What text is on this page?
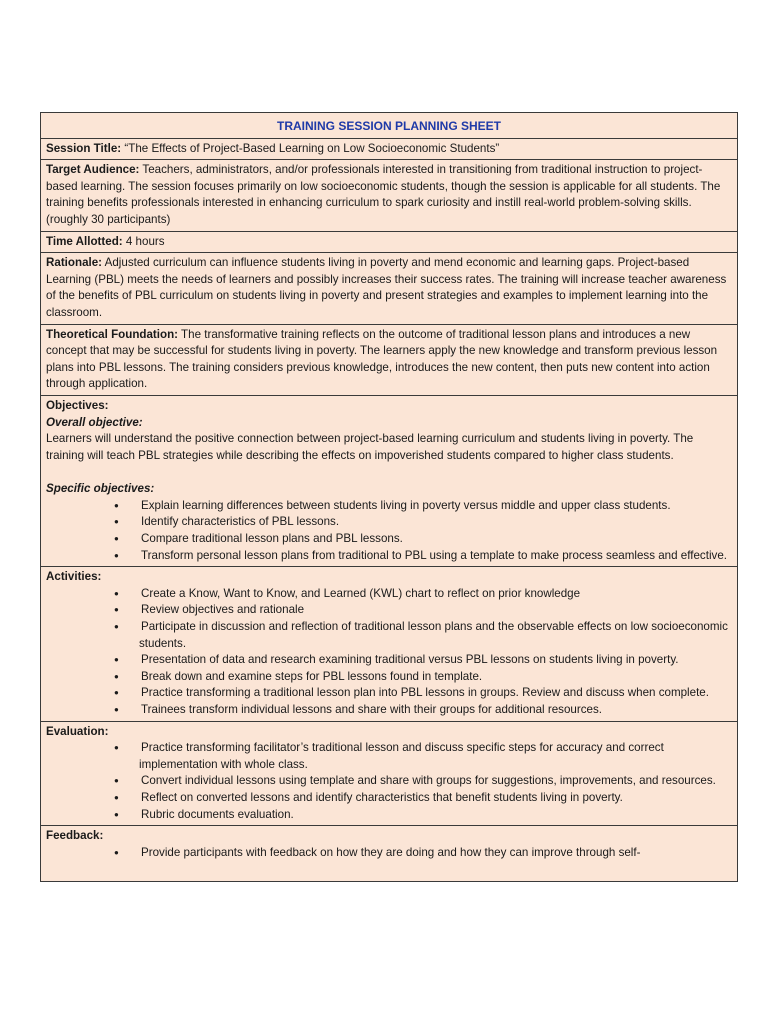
TRAINING SESSION PLANNING SHEET
Session Title: “The Effects of Project-Based Learning on Low Socioeconomic Students”
Target Audience: Teachers, administrators, and/or professionals interested in transitioning from traditional instruction to project-based learning. The session focuses primarily on low socioeconomic students, though the session is applicable for all students. The training benefits professionals interested in enhancing curriculum to spark curiosity and instill real-world problem-solving skills. (roughly 30 participants)
Time Allotted: 4 hours
Rationale: Adjusted curriculum can influence students living in poverty and mend economic and learning gaps. Project-based Learning (PBL) meets the needs of learners and possibly increases their success rates. The training will increase teacher awareness of the benefits of PBL curriculum on students living in poverty and present strategies and examples to implement learning into the classroom.
Theoretical Foundation: The transformative training reflects on the outcome of traditional lesson plans and introduces a new concept that may be successful for students living in poverty. The learners apply the new knowledge and transform previous lesson plans into PBL lessons. The training considers previous knowledge, introduces the new content, then puts new content into action through application.
Objectives:
Overall objective:
Learners will understand the positive connection between project-based learning curriculum and students living in poverty. The training will teach PBL strategies while describing the effects on impoverished students compared to higher class students.
Specific objectives:
● Explain learning differences between students living in poverty versus middle and upper class students.
● Identify characteristics of PBL lessons.
● Compare traditional lesson plans and PBL lessons.
● Transform personal lesson plans from traditional to PBL using a template to make process seamless and effective.
Activities:
● Create a Know, Want to Know, and Learned (KWL) chart to reflect on prior knowledge
● Review objectives and rationale
● Participate in discussion and reflection of traditional lesson plans and the observable effects on low socioeconomic students.
● Presentation of data and research examining traditional versus PBL lessons on students living in poverty.
● Break down and examine steps for PBL lessons found in template.
● Practice transforming a traditional lesson plan into PBL lessons in groups. Review and discuss when complete.
● Trainees transform individual lessons and share with their groups for additional resources.
Evaluation:
● Practice transforming facilitator’s traditional lesson and discuss specific steps for accuracy and correct implementation with whole class.
● Convert individual lessons using template and share with groups for suggestions, improvements, and resources.
● Reflect on converted lessons and identify characteristics that benefit students living in poverty.
● Rubric documents evaluation.
Feedback:
● Provide participants with feedback on how they are doing and how they can improve through self-
